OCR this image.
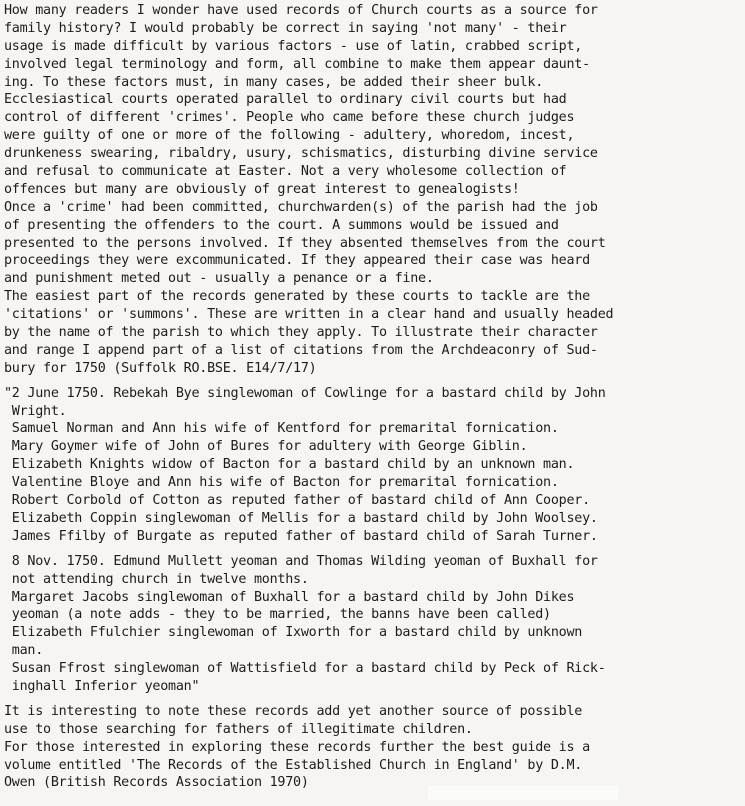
How many readers I wonder have used records of Church courts as a source for
family history? I would probably be correct in saying 'not many' - their
usage is made difficult by various factors - use of latin, crabbed script,
involved legal terminology and form, all combine to make them appear daunt-
ing. To these factors must, in many cases, be added their sheer bulk.
Ecclesiastical courts operated parallel to ordinary civil courts but had
control of different 'crimes'. People who came before these church judges
were guilty of one or more of the following - adultery, whoredom, incest,
drunkeness swearing, ribaldry, usury, schismatics, disturbing divine service
and refusal to communicate at Easter. Not a very wholesome collection of
offences but many are obviously of great interest to genealogists!
Once a 'crime' had been committed, churchwarden(s) of the parish had the job
of presenting the offenders to the court. A summons would be issued and
presented to the persons involved. If they absented themselves from the court
proceedings they were excommunicated. If they appeared their case was heard
and punishment meted out - usually a penance or a fine.
The easiest part of the records generated by these courts to tackle are the
'citations' or 'summons'. These are written in a clear hand and usually headed
by the name of the parish to which they apply. To illustrate their character
and range I append part of a list of citations from the Archdeaconry of Sud-
bury for 1750 (Suffolk RO.BSE. E14/7/17)
"2 June 1750. Rebekah Bye singlewoman of Cowlinge for a bastard child by John
Wright.
Samuel Norman and Ann his wife of Kentford for premarital fornication.
Mary Goymer wife of John of Bures for adultery with George Giblin.
Elizabeth Knights widow of Bacton for a bastard child by an unknown man.
Valentine Bloye and Ann his wife of Bacton for premarital fornication.
Robert Corbold of Cotton as reputed father of bastard child of Ann Cooper.
Elizabeth Coppin singlewoman of Mellis for a bastard child by John Woolsey.
James Ffilby of Burgate as reputed father of bastard child of Sarah Turner.
8 Nov. 1750. Edmund Mullett yeoman and Thomas Wilding yeoman of Buxhall for
not attending church in twelve months.
Margaret Jacobs singlewoman of Buxhall for a bastard child by John Dikes
yeoman (a note adds - they to be married, the banns have been called)
Elizabeth Ffulchier singlewoman of Ixworth for a bastard child by unknown
man.
Susan Ffrost singlewoman of Wattisfield for a bastard child by Peck of Rick-
inghall Inferior yeoman"
It is interesting to note these records add yet another source of possible
use to those searching for fathers of illegitimate children.
For those interested in exploring these records further the best guide is a
volume entitled 'The Records of the Established Church in England' by D.M.
Owen (British Records Association 1970)
